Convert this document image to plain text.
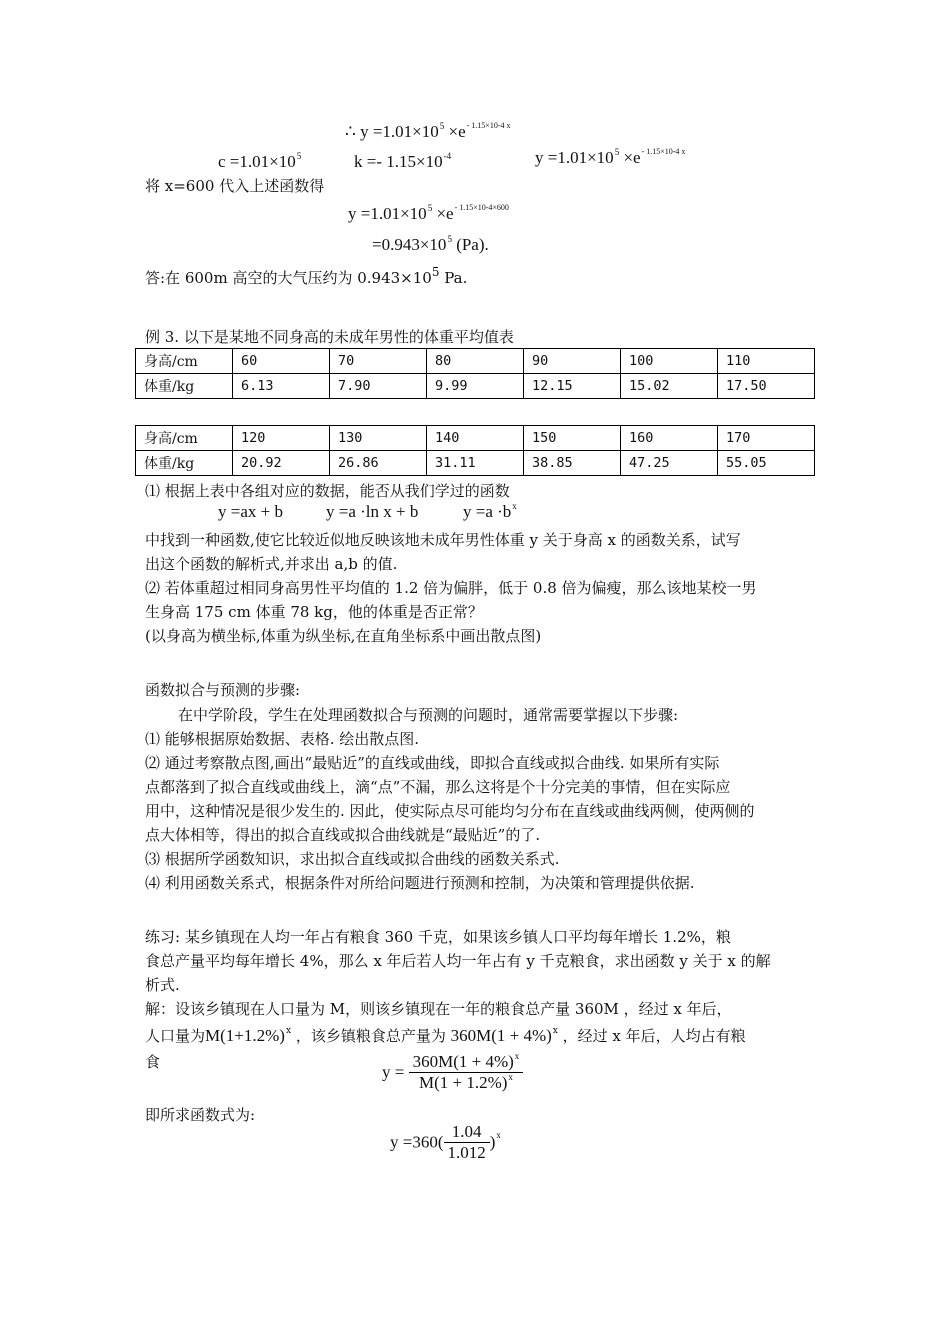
∴ $y =1.01\times 10^5 \times e^{- 1.15\times 10-4 x}$
$c =1.01\times 10^5$	$k =- 1.15\times 10^{-4}$	$y =1.01\times 10^5 \times e^{- 1.15\times 10-4 x}$
将 x=600 代入上述函数得
$y =1.01\times 10^5 \times e^{- 1.15\times 10-4\times 600}$
$=0.943\times 10^5$ (Pa).
答:在 600m 高空的大气压约为 $0.943\times 10^5$ Pa.
例 3. 以下是某地不同身高的未成年男性的体重平均值表
身高/cm	60	70	80	90	100	110
体重/kg	6.13	7.90	9.99	12.15	15.02	17.50
身高/cm	120	130	140	150	160	170
体重/kg	20.92	26.86	31.11	38.85	47.25	55.05
⑴ 根据上表中各组对应的数据，能否从我们学过的函数
y =ax + b	y =a ·ln x + b	$y =a \cdot b^x$
中找到一种函数,使它比较近似地反映该地未成年男性体重 y 关于身高 x 的函数关系，试写
出这个函数的解析式,并求出 a,b 的值.
⑵ 若体重超过相同身高男性平均值的 1.2 倍为偏胖，低于 0.8 倍为偏瘦，那么该地某校一男
生身高 175 cm 体重 78 kg，他的体重是否正常？
(以身高为横坐标,体重为纵坐标,在直角坐标系中画出散点图)
函数拟合与预测的步骤:
在中学阶段，学生在处理函数拟合与预测的问题时，通常需要掌握以下步骤:
⑴ 能够根据原始数据、表格. 绘出散点图.
⑵ 通过考察散点图,画出“最贴近”的直线或曲线，即拟合直线或拟合曲线. 如果所有实际
点都落到了拟合直线或曲线上，滴“点”不漏，那么这将是个十分完美的事情，但在实际应
用中，这种情况是很少发生的. 因此，使实际点尽可能均匀分布在直线或曲线两侧，使两侧的
点大体相等，得出的拟合直线或拟合曲线就是“最贴近”的了.
⑶ 根据所学函数知识，求出拟合直线或拟合曲线的函数关系式.
⑷ 利用函数关系式，根据条件对所给问题进行预测和控制，为决策和管理提供依据.
练习: 某乡镇现在人均一年占有粮食 360 千克，如果该乡镇人口平均每年增长 1.2%，粮
食总产量平均每年增长 4%，那么 x 年后若人均一年占有 y 千克粮食，求出函数 y 关于 x 的解
析式.
解：设该乡镇现在人口量为 M，则该乡镇现在一年的粮食总产量 360M ，经过 x 年后，
人口量为$M(1+1.2\%)^x$ ，该乡镇粮食总产量为 $360M(1 + 4\%)^x$ ，经过 x 年后，人均占有粮
食
$y = \frac{360M(1 + 4\%)^x}{M(1 + 1.2\%)^x}$
即所求函数式为:
$y =360( \frac{1.04}{1.012} )^x$
